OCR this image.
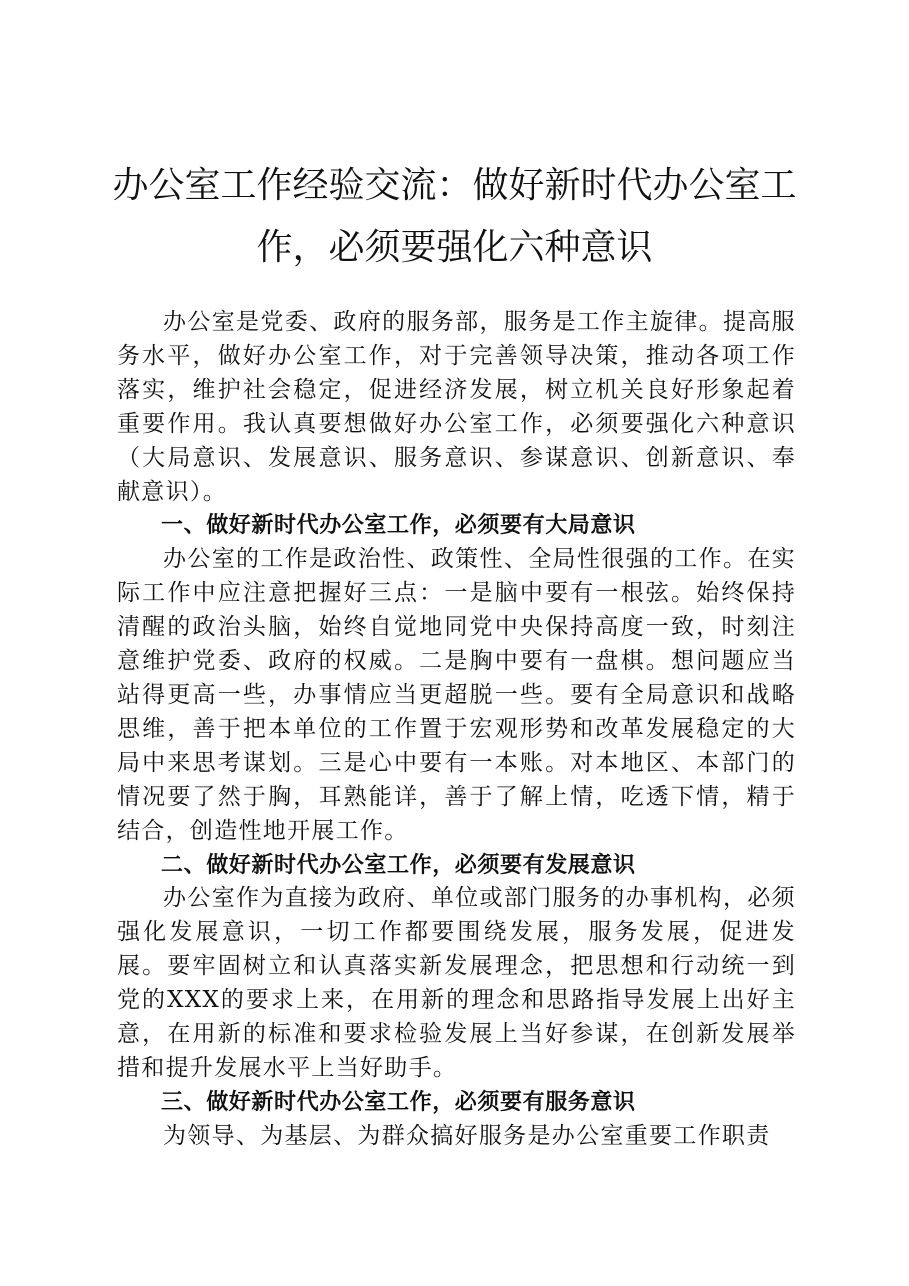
办公室工作经验交流：做好新时代办公室工
作，必须要强化六种意识

办公室是党委、政府的服务部，服务是工作主旋律。提高服务水平，做好办公室工作，对于完善领导决策，推动各项工作落实，维护社会稳定，促进经济发展，树立机关良好形象起着重要作用。我认真要想做好办公室工作，必须要强化六种意识（大局意识、发展意识、服务意识、参谋意识、创新意识、奉献意识）。

一、做好新时代办公室工作，必须要有大局意识

办公室的工作是政治性、政策性、全局性很强的工作。在实际工作中应注意把握好三点：一是脑中要有一根弦。始终保持清醒的政治头脑，始终自觉地同党中央保持高度一致，时刻注意维护党委、政府的权威。二是胸中要有一盘棋。想问题应当站得更高一些，办事情应当更超脱一些。要有全局意识和战略思维，善于把本单位的工作置于宏观形势和改革发展稳定的大局中来思考谋划。三是心中要有一本账。对本地区、本部门的情况要了然于胸，耳熟能详，善于了解上情，吃透下情，精于结合，创造性地开展工作。

二、做好新时代办公室工作，必须要有发展意识

办公室作为直接为政府、单位或部门服务的办事机构，必须强化发展意识，一切工作都要围绕发展，服务发展，促进发展。要牢固树立和认真落实新发展理念，把思想和行动统一到党的XXX的要求上来，在用新的理念和思路指导发展上出好主意，在用新的标准和要求检验发展上当好参谋，在创新发展举措和提升发展水平上当好助手。

三、做好新时代办公室工作，必须要有服务意识

为领导、为基层、为群众搞好服务是办公室重要工作职责
